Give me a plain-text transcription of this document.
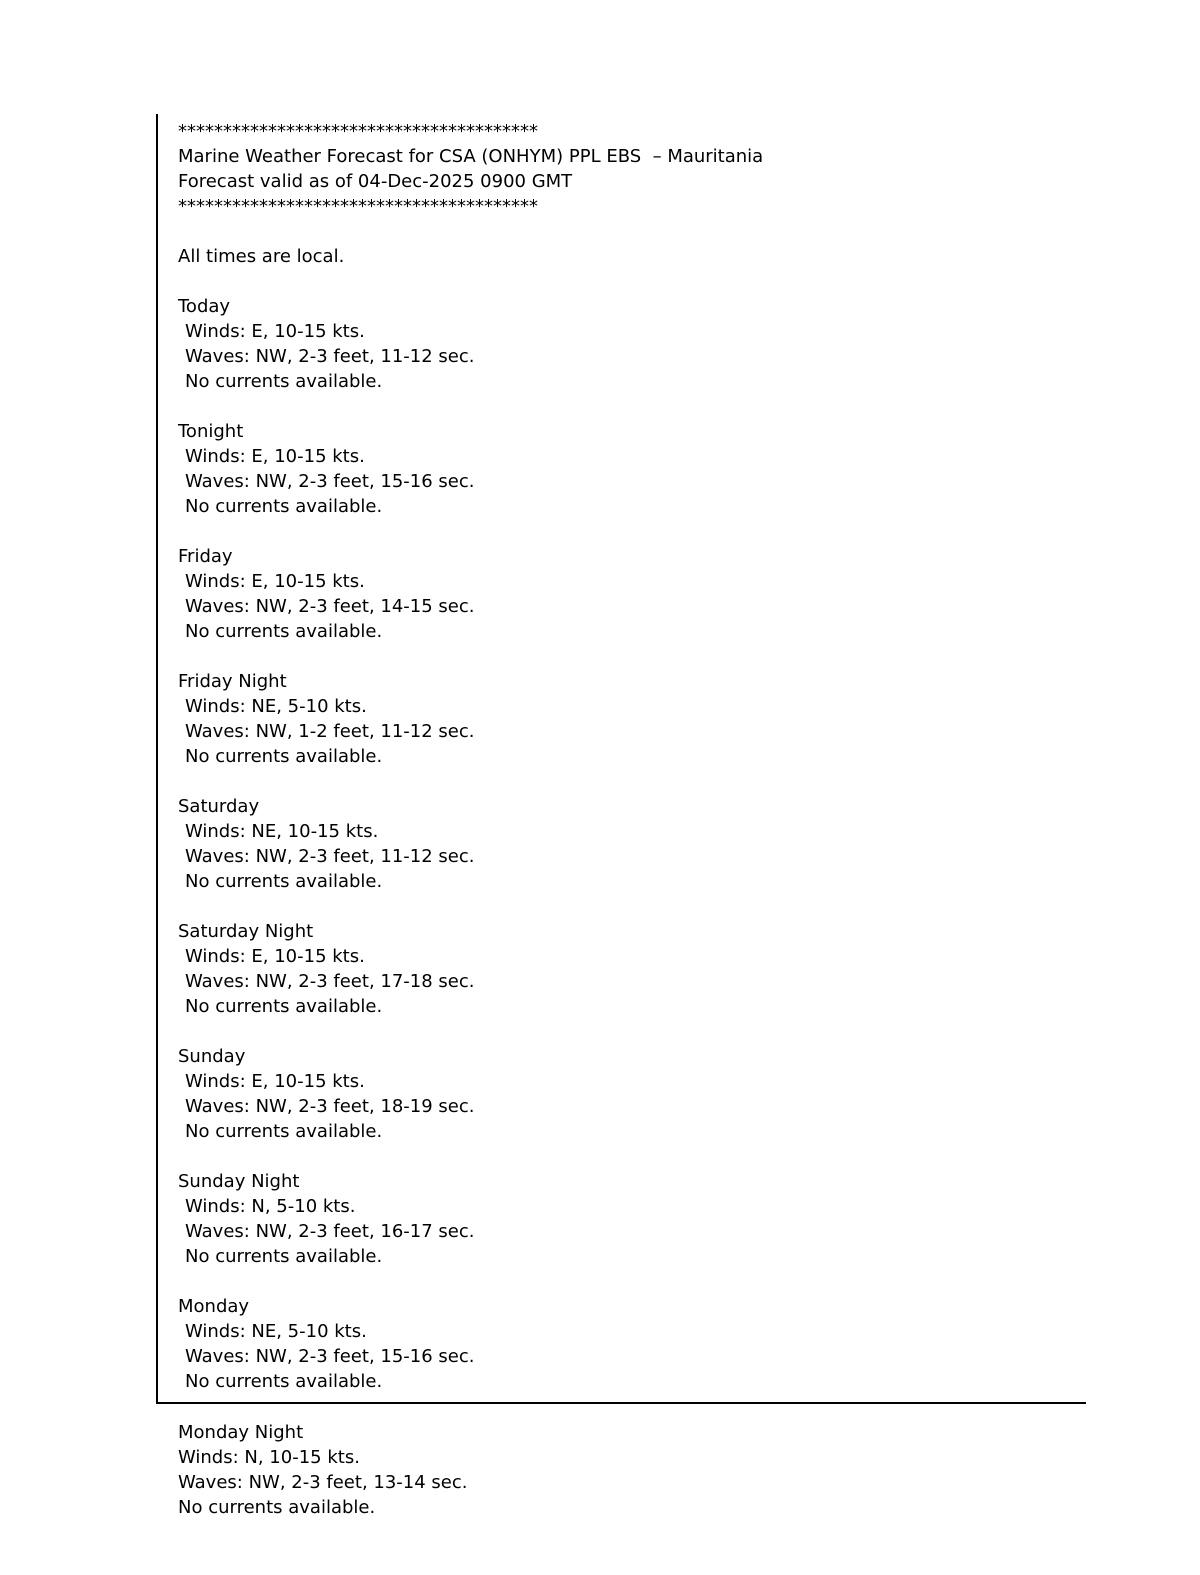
****************************************
Marine Weather Forecast for CSA (ONHYM) PPL EBS  – Mauritania
Forecast valid as of 04-Dec-2025 0900 GMT
****************************************
All times are local.
Today
Winds: E, 10-15 kts.
Waves: NW, 2-3 feet, 11-12 sec.
No currents available.
Tonight
Winds: E, 10-15 kts.
Waves: NW, 2-3 feet, 15-16 sec.
No currents available.
Friday
Winds: E, 10-15 kts.
Waves: NW, 2-3 feet, 14-15 sec.
No currents available.
Friday Night
Winds: NE, 5-10 kts.
Waves: NW, 1-2 feet, 11-12 sec.
No currents available.
Saturday
Winds: NE, 10-15 kts.
Waves: NW, 2-3 feet, 11-12 sec.
No currents available.
Saturday Night
Winds: E, 10-15 kts.
Waves: NW, 2-3 feet, 17-18 sec.
No currents available.
Sunday
Winds: E, 10-15 kts.
Waves: NW, 2-3 feet, 18-19 sec.
No currents available.
Sunday Night
Winds: N, 5-10 kts.
Waves: NW, 2-3 feet, 16-17 sec.
No currents available.
Monday
Winds: NE, 5-10 kts.
Waves: NW, 2-3 feet, 15-16 sec.
No currents available.
Monday Night
Winds: N, 10-15 kts.
Waves: NW, 2-3 feet, 13-14 sec.
No currents available.
